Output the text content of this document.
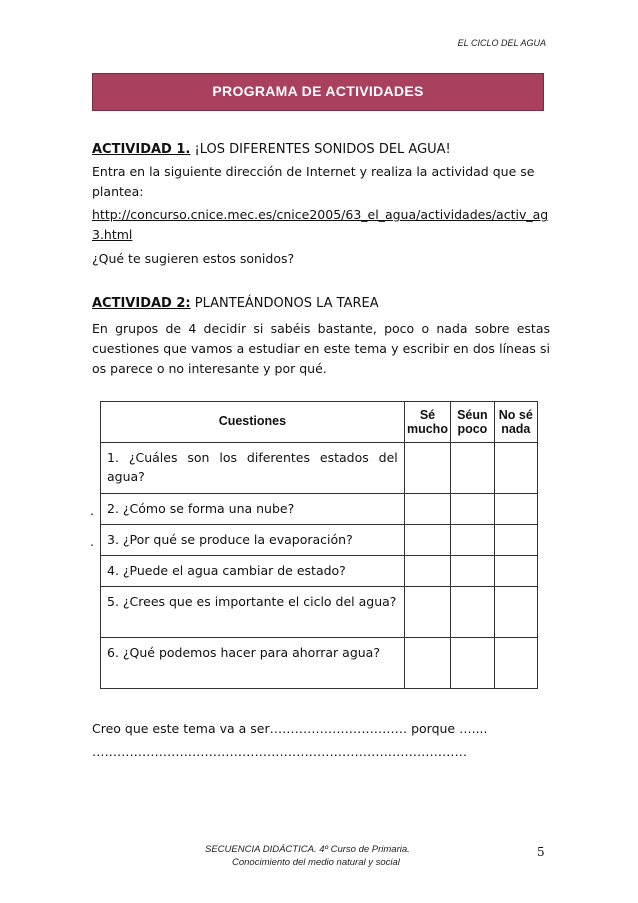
EL CICLO DEL AGUA
PROGRAMA DE ACTIVIDADES
ACTIVIDAD 1. ¡LOS DIFERENTES SONIDOS DEL AGUA!
Entra en la siguiente dirección de Internet y realiza la actividad que se plantea:
http://concurso.cnice.mec.es/cnice2005/63_el_agua/actividades/activ_ag3.html
¿Qué te sugieren estos sonidos?
ACTIVIDAD 2: PLANTEÁNDONOS LA TAREA
En grupos de 4 decidir si sabéis bastante, poco o nada sobre estas cuestiones que vamos a estudiar en este tema y escribir en dos líneas si os parece o no interesante y por qué.
Cuestiones	Sé mucho	Séun poco	No sé nada
1. ¿Cuáles son los diferentes estados del agua?			
2. ¿Cómo se forma una nube?			
3. ¿Por qué se produce la evaporación?			
4. ¿Puede el agua cambiar de estado?			
5. ¿Crees que es importante el ciclo del agua?			
6. ¿Qué podemos hacer para ahorrar agua?			
.
.
Creo que este tema va a ser…………………………… porque …....
………………………………………………………………………………
SECUENCIA DIDÁCTICA. 4º Curso de Primaria.
Conocimiento del medio natural y social
5
